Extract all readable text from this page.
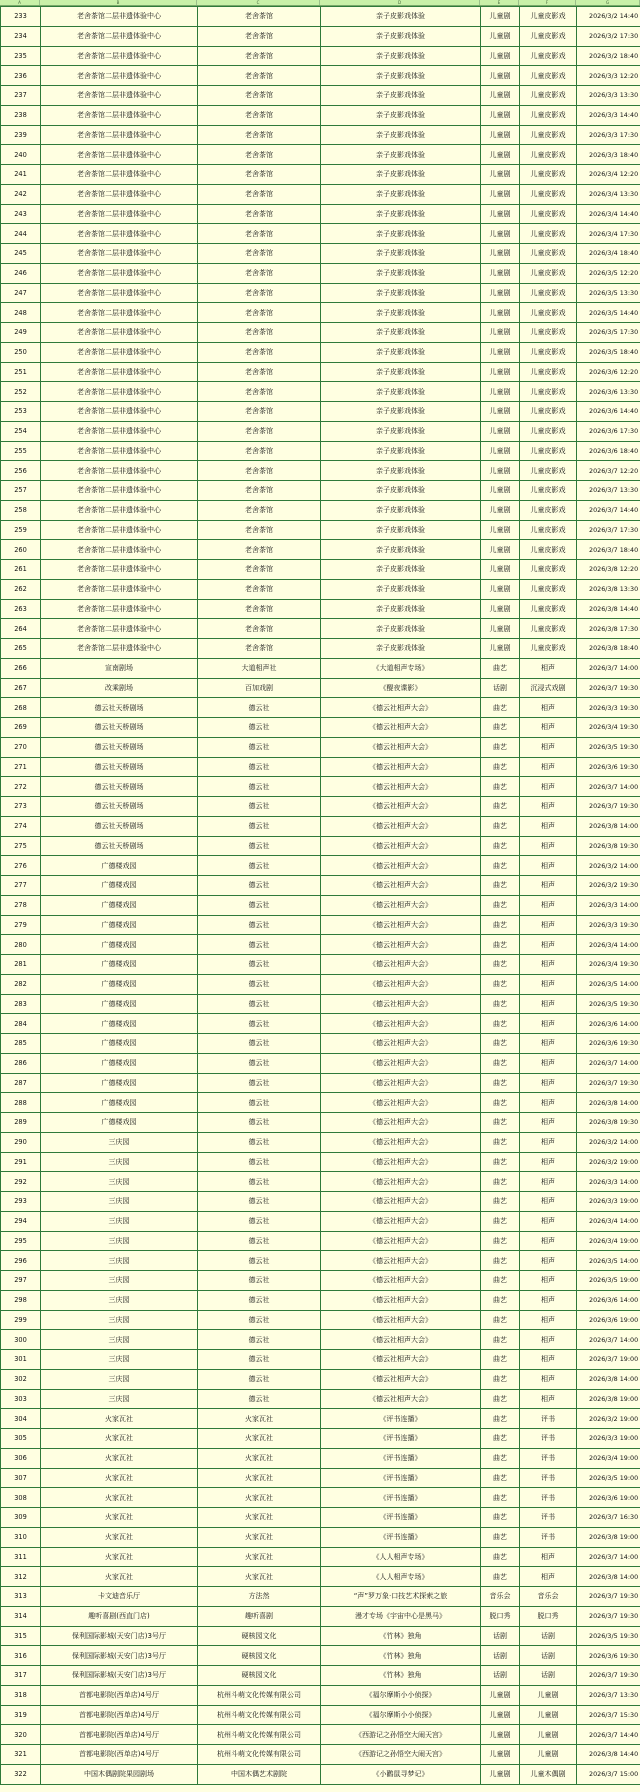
A	B	C	D	E	F	G
233	老舍茶馆二层非遗体验中心	老舍茶馆	亲子皮影戏体验	儿童剧	儿童皮影戏	2026/3/2 14:40
234	老舍茶馆二层非遗体验中心	老舍茶馆	亲子皮影戏体验	儿童剧	儿童皮影戏	2026/3/2 17:30
235	老舍茶馆二层非遗体验中心	老舍茶馆	亲子皮影戏体验	儿童剧	儿童皮影戏	2026/3/2 18:40
236	老舍茶馆二层非遗体验中心	老舍茶馆	亲子皮影戏体验	儿童剧	儿童皮影戏	2026/3/3 12:20
237	老舍茶馆二层非遗体验中心	老舍茶馆	亲子皮影戏体验	儿童剧	儿童皮影戏	2026/3/3 13:30
238	老舍茶馆二层非遗体验中心	老舍茶馆	亲子皮影戏体验	儿童剧	儿童皮影戏	2026/3/3 14:40
239	老舍茶馆二层非遗体验中心	老舍茶馆	亲子皮影戏体验	儿童剧	儿童皮影戏	2026/3/3 17:30
240	老舍茶馆二层非遗体验中心	老舍茶馆	亲子皮影戏体验	儿童剧	儿童皮影戏	2026/3/3 18:40
241	老舍茶馆二层非遗体验中心	老舍茶馆	亲子皮影戏体验	儿童剧	儿童皮影戏	2026/3/4 12:20
242	老舍茶馆二层非遗体验中心	老舍茶馆	亲子皮影戏体验	儿童剧	儿童皮影戏	2026/3/4 13:30
243	老舍茶馆二层非遗体验中心	老舍茶馆	亲子皮影戏体验	儿童剧	儿童皮影戏	2026/3/4 14:40
244	老舍茶馆二层非遗体验中心	老舍茶馆	亲子皮影戏体验	儿童剧	儿童皮影戏	2026/3/4 17:30
245	老舍茶馆二层非遗体验中心	老舍茶馆	亲子皮影戏体验	儿童剧	儿童皮影戏	2026/3/4 18:40
246	老舍茶馆二层非遗体验中心	老舍茶馆	亲子皮影戏体验	儿童剧	儿童皮影戏	2026/3/5 12:20
247	老舍茶馆二层非遗体验中心	老舍茶馆	亲子皮影戏体验	儿童剧	儿童皮影戏	2026/3/5 13:30
248	老舍茶馆二层非遗体验中心	老舍茶馆	亲子皮影戏体验	儿童剧	儿童皮影戏	2026/3/5 14:40
249	老舍茶馆二层非遗体验中心	老舍茶馆	亲子皮影戏体验	儿童剧	儿童皮影戏	2026/3/5 17:30
250	老舍茶馆二层非遗体验中心	老舍茶馆	亲子皮影戏体验	儿童剧	儿童皮影戏	2026/3/5 18:40
251	老舍茶馆二层非遗体验中心	老舍茶馆	亲子皮影戏体验	儿童剧	儿童皮影戏	2026/3/6 12:20
252	老舍茶馆二层非遗体验中心	老舍茶馆	亲子皮影戏体验	儿童剧	儿童皮影戏	2026/3/6 13:30
253	老舍茶馆二层非遗体验中心	老舍茶馆	亲子皮影戏体验	儿童剧	儿童皮影戏	2026/3/6 14:40
254	老舍茶馆二层非遗体验中心	老舍茶馆	亲子皮影戏体验	儿童剧	儿童皮影戏	2026/3/6 17:30
255	老舍茶馆二层非遗体验中心	老舍茶馆	亲子皮影戏体验	儿童剧	儿童皮影戏	2026/3/6 18:40
256	老舍茶馆二层非遗体验中心	老舍茶馆	亲子皮影戏体验	儿童剧	儿童皮影戏	2026/3/7 12:20
257	老舍茶馆二层非遗体验中心	老舍茶馆	亲子皮影戏体验	儿童剧	儿童皮影戏	2026/3/7 13:30
258	老舍茶馆二层非遗体验中心	老舍茶馆	亲子皮影戏体验	儿童剧	儿童皮影戏	2026/3/7 14:40
259	老舍茶馆二层非遗体验中心	老舍茶馆	亲子皮影戏体验	儿童剧	儿童皮影戏	2026/3/7 17:30
260	老舍茶馆二层非遗体验中心	老舍茶馆	亲子皮影戏体验	儿童剧	儿童皮影戏	2026/3/7 18:40
261	老舍茶馆二层非遗体验中心	老舍茶馆	亲子皮影戏体验	儿童剧	儿童皮影戏	2026/3/8 12:20
262	老舍茶馆二层非遗体验中心	老舍茶馆	亲子皮影戏体验	儿童剧	儿童皮影戏	2026/3/8 13:30
263	老舍茶馆二层非遗体验中心	老舍茶馆	亲子皮影戏体验	儿童剧	儿童皮影戏	2026/3/8 14:40
264	老舍茶馆二层非遗体验中心	老舍茶馆	亲子皮影戏体验	儿童剧	儿童皮影戏	2026/3/8 17:30
265	老舍茶馆二层非遗体验中心	老舍茶馆	亲子皮影戏体验	儿童剧	儿童皮影戏	2026/3/8 18:40
266	宣南剧场	大道相声社	《大道相声专场》	曲艺	相声	2026/3/7 14:00
267	改乘剧场	百加戏剧	《醍夜谍影》	话剧	沉浸式戏剧	2026/3/7 19:30
268	德云社天桥剧场	德云社	《德云社相声大会》	曲艺	相声	2026/3/3 19:30
269	德云社天桥剧场	德云社	《德云社相声大会》	曲艺	相声	2026/3/4 19:30
270	德云社天桥剧场	德云社	《德云社相声大会》	曲艺	相声	2026/3/5 19:30
271	德云社天桥剧场	德云社	《德云社相声大会》	曲艺	相声	2026/3/6 19:30
272	德云社天桥剧场	德云社	《德云社相声大会》	曲艺	相声	2026/3/7 14:00
273	德云社天桥剧场	德云社	《德云社相声大会》	曲艺	相声	2026/3/7 19:30
274	德云社天桥剧场	德云社	《德云社相声大会》	曲艺	相声	2026/3/8 14:00
275	德云社天桥剧场	德云社	《德云社相声大会》	曲艺	相声	2026/3/8 19:30
276	广德楼戏园	德云社	《德云社相声大会》	曲艺	相声	2026/3/2 14:00
277	广德楼戏园	德云社	《德云社相声大会》	曲艺	相声	2026/3/2 19:30
278	广德楼戏园	德云社	《德云社相声大会》	曲艺	相声	2026/3/3 14:00
279	广德楼戏园	德云社	《德云社相声大会》	曲艺	相声	2026/3/3 19:30
280	广德楼戏园	德云社	《德云社相声大会》	曲艺	相声	2026/3/4 14:00
281	广德楼戏园	德云社	《德云社相声大会》	曲艺	相声	2026/3/4 19:30
282	广德楼戏园	德云社	《德云社相声大会》	曲艺	相声	2026/3/5 14:00
283	广德楼戏园	德云社	《德云社相声大会》	曲艺	相声	2026/3/5 19:30
284	广德楼戏园	德云社	《德云社相声大会》	曲艺	相声	2026/3/6 14:00
285	广德楼戏园	德云社	《德云社相声大会》	曲艺	相声	2026/3/6 19:30
286	广德楼戏园	德云社	《德云社相声大会》	曲艺	相声	2026/3/7 14:00
287	广德楼戏园	德云社	《德云社相声大会》	曲艺	相声	2026/3/7 19:30
288	广德楼戏园	德云社	《德云社相声大会》	曲艺	相声	2026/3/8 14:00
289	广德楼戏园	德云社	《德云社相声大会》	曲艺	相声	2026/3/8 19:30
290	三庆园	德云社	《德云社相声大会》	曲艺	相声	2026/3/2 14:00
291	三庆园	德云社	《德云社相声大会》	曲艺	相声	2026/3/2 19:00
292	三庆园	德云社	《德云社相声大会》	曲艺	相声	2026/3/3 14:00
293	三庆园	德云社	《德云社相声大会》	曲艺	相声	2026/3/3 19:00
294	三庆园	德云社	《德云社相声大会》	曲艺	相声	2026/3/4 14:00
295	三庆园	德云社	《德云社相声大会》	曲艺	相声	2026/3/4 19:00
296	三庆园	德云社	《德云社相声大会》	曲艺	相声	2026/3/5 14:00
297	三庆园	德云社	《德云社相声大会》	曲艺	相声	2026/3/5 19:00
298	三庆园	德云社	《德云社相声大会》	曲艺	相声	2026/3/6 14:00
299	三庆园	德云社	《德云社相声大会》	曲艺	相声	2026/3/6 19:00
300	三庆园	德云社	《德云社相声大会》	曲艺	相声	2026/3/7 14:00
301	三庆园	德云社	《德云社相声大会》	曲艺	相声	2026/3/7 19:00
302	三庆园	德云社	《德云社相声大会》	曲艺	相声	2026/3/8 14:00
303	三庆园	德云社	《德云社相声大会》	曲艺	相声	2026/3/8 19:00
304	火家瓦社	火家瓦社	《评书连播》	曲艺	评书	2026/3/2 19:00
305	火家瓦社	火家瓦社	《评书连播》	曲艺	评书	2026/3/3 19:00
306	火家瓦社	火家瓦社	《评书连播》	曲艺	评书	2026/3/4 19:00
307	火家瓦社	火家瓦社	《评书连播》	曲艺	评书	2026/3/5 19:00
308	火家瓦社	火家瓦社	《评书连播》	曲艺	评书	2026/3/6 19:00
309	火家瓦社	火家瓦社	《评书连播》	曲艺	评书	2026/3/7 16:30
310	火家瓦社	火家瓦社	《评书连播》	曲艺	评书	2026/3/8 19:00
311	火家瓦社	火家瓦社	《人人相声专场》	曲艺	相声	2026/3/7 14:00
312	火家瓦社	火家瓦社	《人人相声专场》	曲艺	相声	2026/3/8 14:00
313	卡文迪音乐厅	方法然	“声”罗万象·口技艺术探索之旅	音乐会	音乐会	2026/3/7 19:30
314	趣听喜剧(西直门店)	趣听喜剧	漫才专场《宇宙中心是黑马》	脱口秀	脱口秀	2026/3/7 19:30
315	保利国际影城(天安门店)3号厅	硬核园文化	《竹林》独角	话剧	话剧	2026/3/5 19:30
316	保利国际影城(天安门店)3号厅	硬核园文化	《竹林》独角	话剧	话剧	2026/3/6 19:30
317	保利国际影城(天安门店)3号厅	硬核园文化	《竹林》独角	话剧	话剧	2026/3/7 19:30
318	首都电影院(西单店)4号厅	杭州斗萌文化传媒有限公司	《福尔摩斯小小侦探》	儿童剧	儿童剧	2026/3/7 13:30
319	首都电影院(西单店)4号厅	杭州斗萌文化传媒有限公司	《福尔摩斯小小侦探》	儿童剧	儿童剧	2026/3/7 15:30
320	首都电影院(西单店)4号厅	杭州斗萌文化传媒有限公司	《西游记之孙悟空大闹天宫》	儿童剧	儿童剧	2026/3/7 14:40
321	首都电影院(西单店)4号厅	杭州斗萌文化传媒有限公司	《西游记之孙悟空大闹天宫》	儿童剧	儿童剧	2026/3/8 14:40
322	中国木偶剧院果园剧场	中国木偶艺术剧院	《小鹳鼠寻梦记》	儿童剧	儿童木偶剧	2026/3/7 15:00
